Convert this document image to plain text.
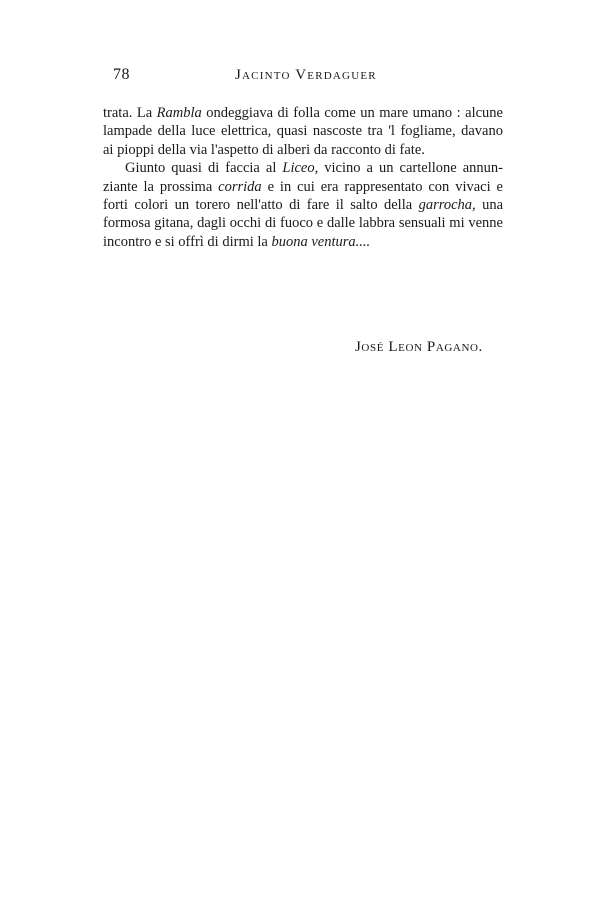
78	Jacinto Verdaguer
trata. La Rambla ondeggiava di folla come un mare umano : alcune
lampade della luce elettrica, quasi nascoste tra 'l fogliame, davano
ai pioppi della via l'aspetto di alberi da racconto di fate.
Giunto quasi di faccia al Liceo, vicino a un cartellone annun-
ziante la prossima corrida e in cui era rappresentato con vivaci e
forti colori un torero nell'atto di fare il salto della garrocha, una
formosa gitana, dagli occhi di fuoco e dalle labbra sensuali mi venne
incontro e si offrì di dirmi la buona ventura....
José Leon Pagano.
